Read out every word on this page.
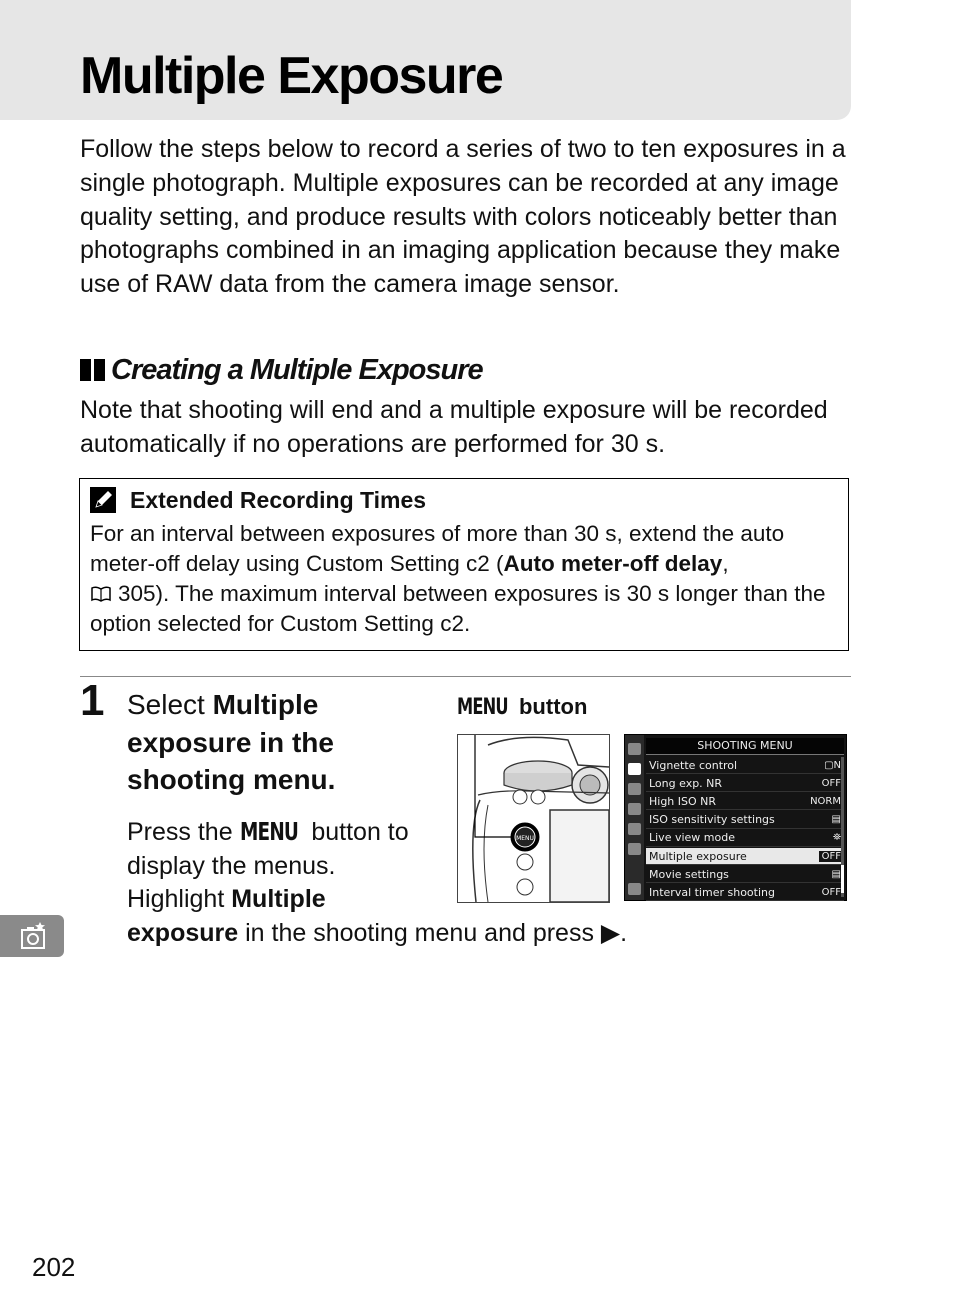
Multiple Exposure

Follow the steps below to record a series of two to ten exposures in a single photograph. Multiple exposures can be recorded at any image quality setting, and produce results with colors noticeably better than photographs combined in an imaging application because they make use of RAW data from the camera image sensor.

Creating a Multiple Exposure

Note that shooting will end and a multiple exposure will be recorded automatically if no operations are performed for 30 s.

Extended Recording Times

For an interval between exposures of more than 30 s, extend the auto meter-off delay using Custom Setting c2 (Auto meter-off delay,
305). The maximum interval between exposures is 30 s longer than the option selected for Custom Setting c2.

1 Select Multiple exposure in the shooting menu.

Press the MENU button to display the menus. Highlight Multiple

exposure in the shooting menu and press ▶.

MENU button
MENU
SHOOTING MENU
Vignette control	▢N
Long exp. NR	OFF
High ISO NR	NORM
ISO sensitivity settings	▤
Live view mode	⛯
Multiple exposure	OFF
Movie settings	▤
Interval timer shooting	OFF
202
